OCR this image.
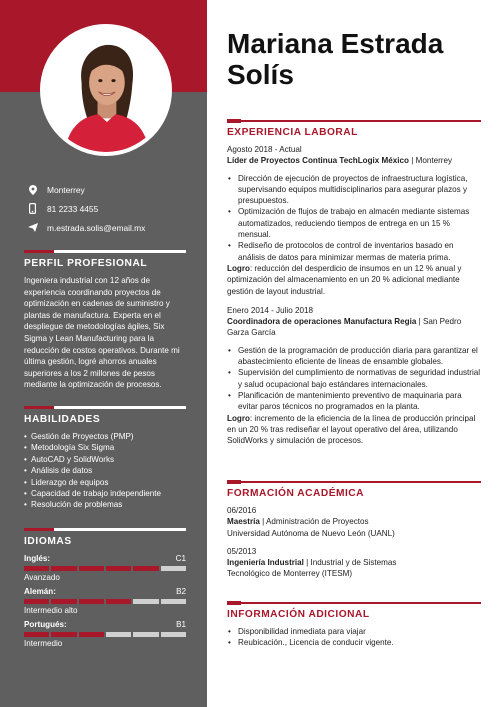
Monterrey
81 2233 4455
m.estrada.solis@email.mx
PERFIL PROFESIONAL

Ingeniera industrial con 12 años de experiencia coordinando proyectos de optimización en cadenas de suministro y plantas de manufactura. Experta en el despliegue de metodologías ágiles, Six Sigma y Lean Manufacturing para la reducción de costos operativos. Durante mi última gestión, logré ahorros anuales superiores a los 2 millones de pesos mediante la optimización de procesos.

HABILIDADES
• Gestión de Proyectos (PMP)
• Metodología Six Sigma
• AutoCAD y SolidWorks
• Análisis de datos
• Liderazgo de equipos
• Capacidad de trabajo independiente
• Resolución de problemas
IDIOMAS
Inglés:	C1
Avanzado
Alemán:	B2
Intermedio alto
Portugués:	B1
Intermedio
Mariana Estrada
Solís
EXPERIENCIA LABORAL
Agosto 2018 - Actual
Líder de Proyectos Continua TechLogix México | Monterrey
• Dirección de ejecución de proyectos de infraestructura logística, supervisando equipos multidisciplinarios para asegurar plazos y presupuestos.
• Optimización de flujos de trabajo en almacén mediante sistemas automatizados, reduciendo tiempos de entrega en un 15 % mensual.
• Rediseño de protocolos de control de inventarios basado en análisis de datos para minimizar mermas de materia prima.
Logro: reducción del desperdicio de insumos en un 12 % anual y optimización del almacenamiento en un 20 % adicional mediante gestión de layout industrial.
Enero 2014 - Julio 2018
Coordinadora de operaciones Manufactura Regia | San Pedro Garza García
• Gestión de la programación de producción diaria para garantizar el abastecimiento eficiente de líneas de ensamble globales.
• Supervisión del cumplimiento de normativas de seguridad industrial y salud ocupacional bajo estándares internacionales.
• Planificación de mantenimiento preventivo de maquinaria para evitar paros técnicos no programados en la planta.
Logro: incremento de la eficiencia de la línea de producción principal en un 20 % tras rediseñar el layout operativo del área, utilizando SolidWorks y simulación de procesos.
FORMACIÓN ACADÉMICA
06/2016
Maestría | Administración de Proyectos
Universidad Autónoma de Nuevo León (UANL)
05/2013
Ingeniería Industrial | Industrial y de Sistemas
Tecnológico de Monterrey (ITESM)
INFORMACIÓN ADICIONAL
• Disponibilidad inmediata para viajar
• Reubicación., Licencia de conducir vigente.
